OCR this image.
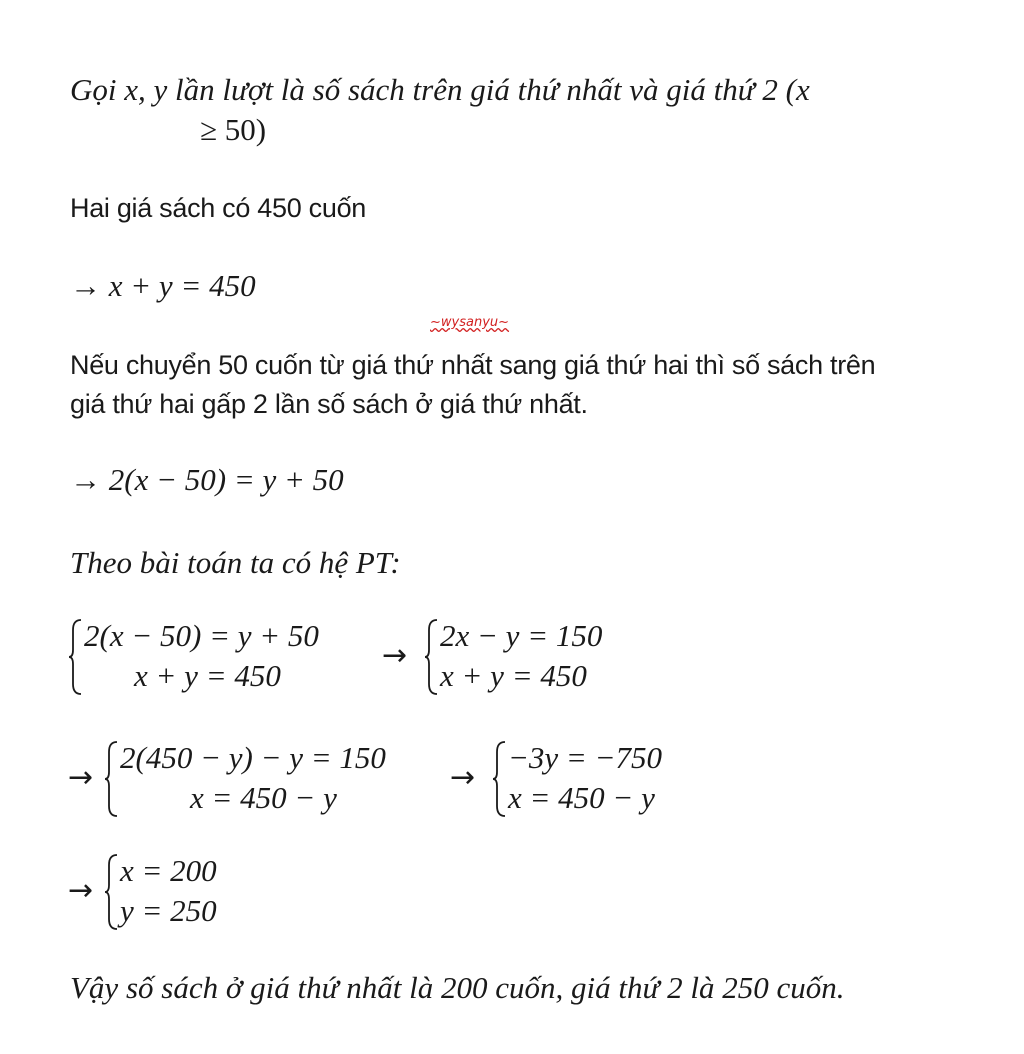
Gọi x, y lần lượt là số sách trên giá thứ nhất và giá thứ 2 (x
≥ 50)
Hai giá sách có 450 cuốn
→ x + y = 450
~wysanyu~
Nếu chuyển 50 cuốn từ giá thứ nhất sang giá thứ hai thì số sách trên
giá thứ hai gấp 2 lần số sách ở giá thứ nhất.
→ 2(x − 50) = y + 50
Theo bài toán ta có hệ PT:
2(x − 50) = y + 50
x + y = 450
→
2x − y = 150
x + y = 450
→
2(450 − y) − y = 150
x = 450 − y
→
−3y = −750
x = 450 − y
→
x = 200
y = 250
Vậy số sách ở giá thứ nhất là 200 cuốn, giá thứ 2 là 250 cuốn.
